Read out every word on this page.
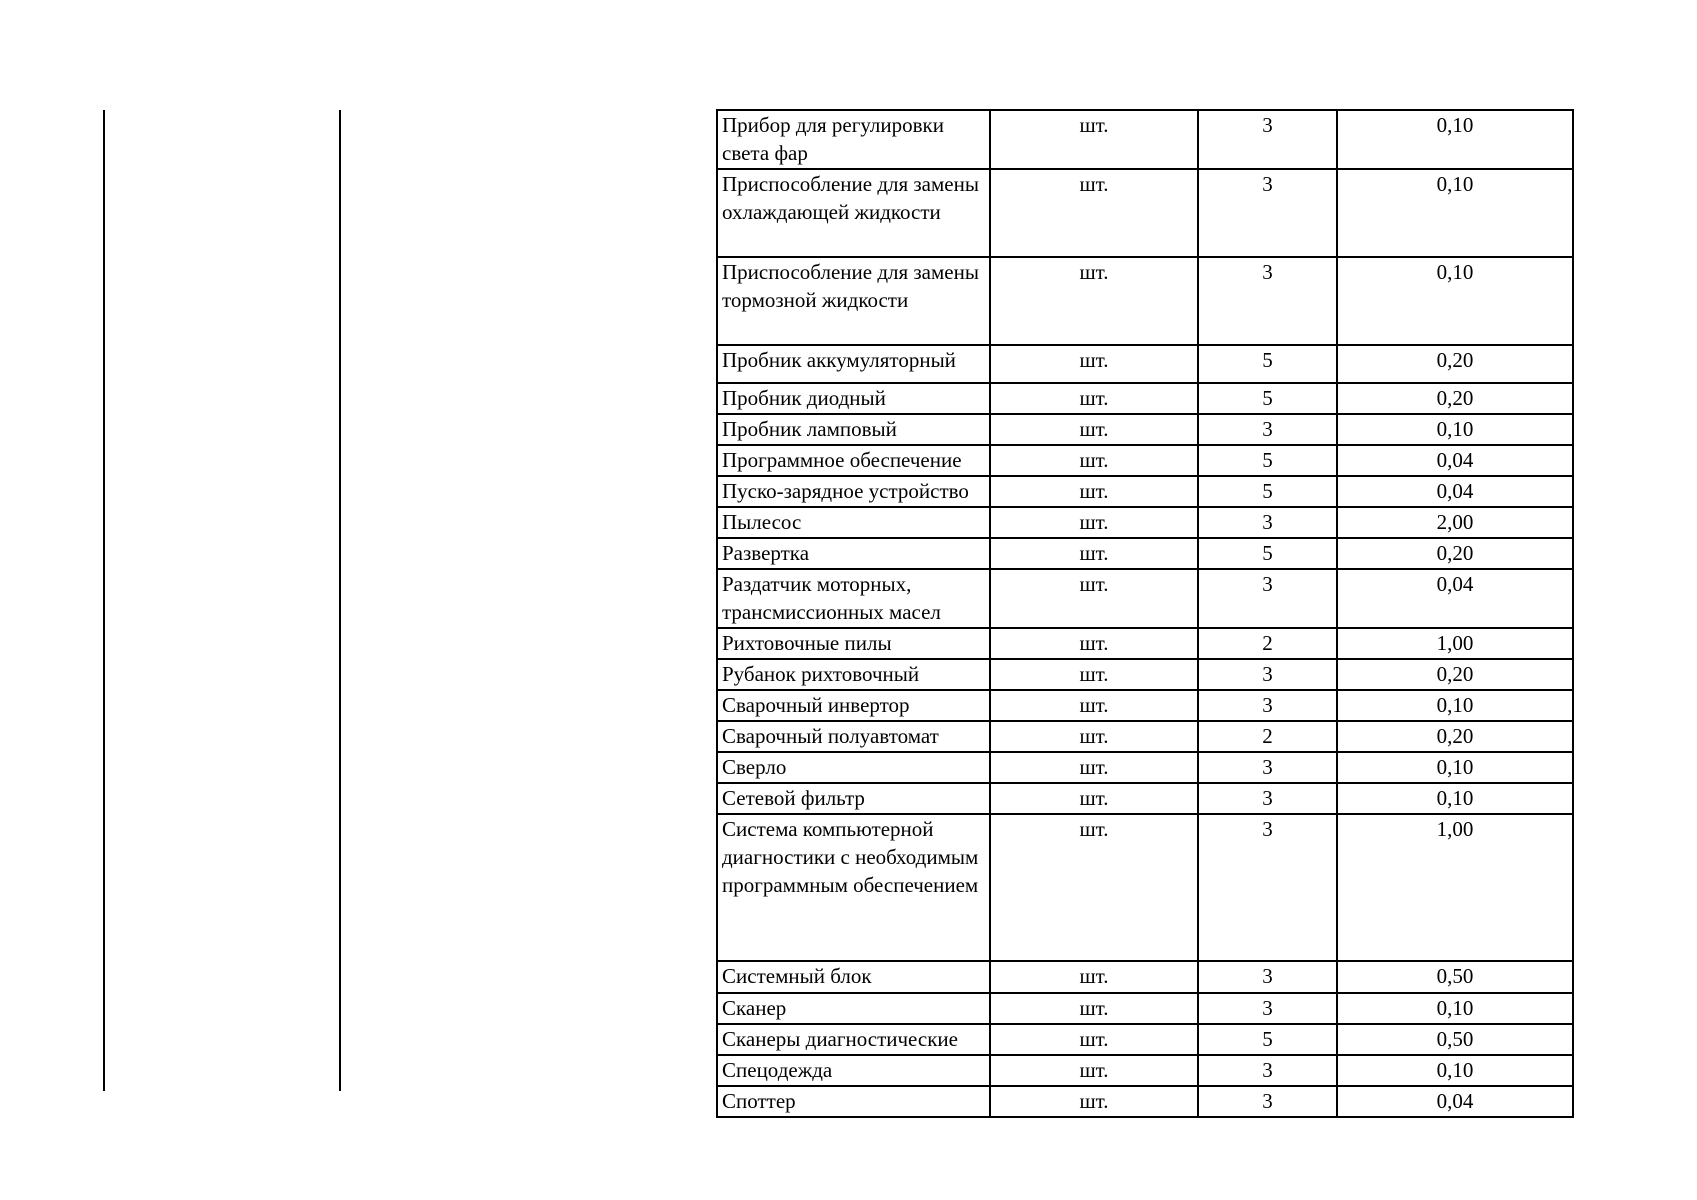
Прибор для регулировки света фар	шт.	3	0,10
Приспособление для замены охлаждающей жидкости	шт.	3	0,10
Приспособление для замены тормозной жидкости	шт.	3	0,10
Пробник аккумуляторный	шт.	5	0,20
Пробник диодный	шт.	5	0,20
Пробник ламповый	шт.	3	0,10
Программное обеспечение	шт.	5	0,04
Пуско-зарядное устройство	шт.	5	0,04
Пылесос	шт.	3	2,00
Развертка	шт.	5	0,20
Раздатчик моторных, трансмиссионных масел	шт.	3	0,04
Рихтовочные пилы	шт.	2	1,00
Рубанок рихтовочный	шт.	3	0,20
Сварочный инвертор	шт.	3	0,10
Сварочный полуавтомат	шт.	2	0,20
Сверло	шт.	3	0,10
Сетевой фильтр	шт.	3	0,10
Система компьютерной диагностики с необходимым программным обеспечением	шт.	3	1,00
Системный блок	шт.	3	0,50
Сканер	шт.	3	0,10
Сканеры диагностические	шт.	5	0,50
Спецодежда	шт.	3	0,10
Споттер	шт.	3	0,04
